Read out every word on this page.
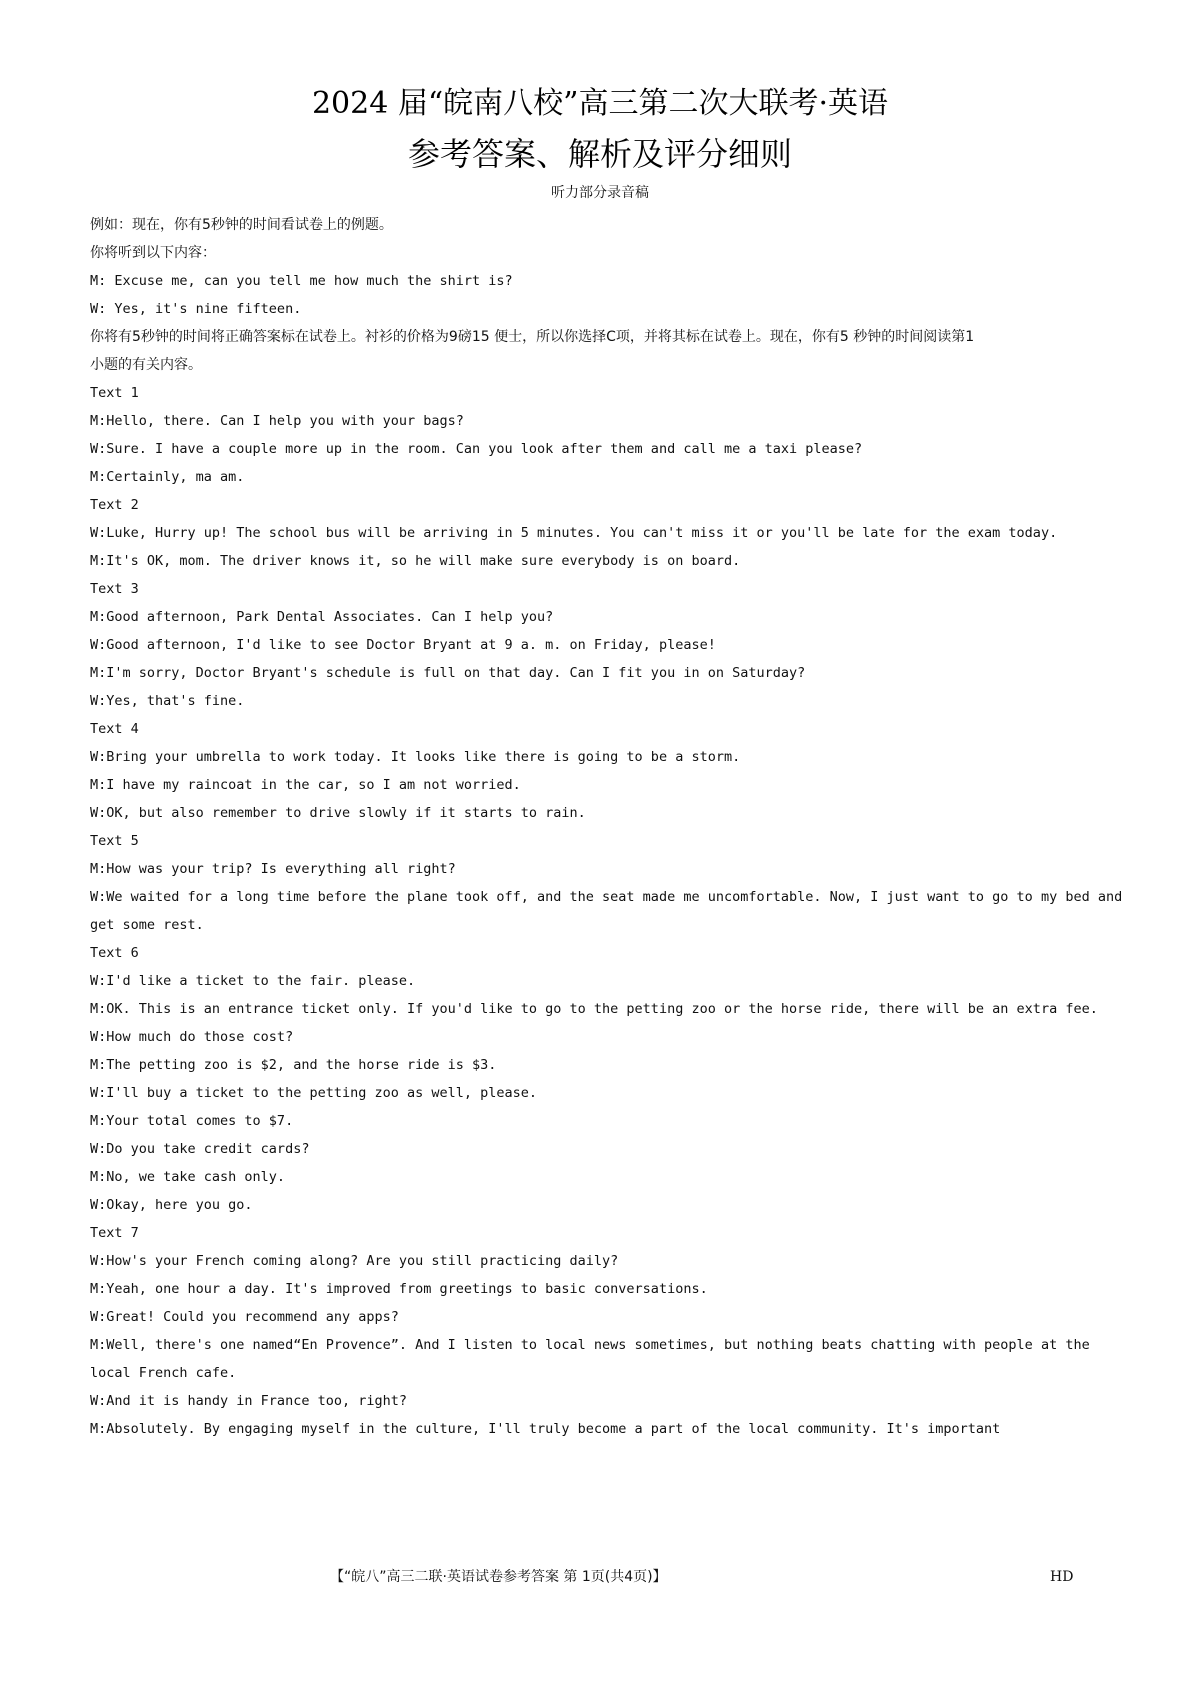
2024 届“皖南八校”高三第二次大联考·英语
参考答案、解析及评分细则
听力部分录音稿
例如：现在，你有5秒钟的时间看试卷上的例题。
你将听到以下内容：
M: Excuse me, can you tell me how much the shirt is?
W: Yes, it's nine fifteen.
你将有5秒钟的时间将正确答案标在试卷上。衬衫的价格为9磅15 便士，所以你选择C项，并将其标在试卷上。现在，你有5 秒钟的时间阅读第1
小题的有关内容。
Text 1
M:Hello, there. Can I help you with your bags?
W:Sure. I have a couple more up in the room. Can you look after them and call me a taxi please?
M:Certainly, ma am.
Text 2
W:Luke, Hurry up! The school bus will be arriving in 5 minutes. You can't miss it or you'll be late for the exam today.
M:It's OK, mom. The driver knows it, so he will make sure everybody is on board.
Text 3
M:Good afternoon, Park Dental Associates. Can I help you?
W:Good afternoon, I'd like to see Doctor Bryant at 9 a. m. on Friday, please!
M:I'm sorry, Doctor Bryant's schedule is full on that day. Can I fit you in on Saturday?
W:Yes, that's fine.
Text 4
W:Bring your umbrella to work today. It looks like there is going to be a storm.
M:I have my raincoat in the car, so I am not worried.
W:OK, but also remember to drive slowly if it starts to rain.
Text 5
M:How was your trip? Is everything all right?
W:We waited for a long time before the plane took off, and the seat made me uncomfortable. Now, I just want to go to my bed and
get some rest.
Text 6
W:I'd like a ticket to the fair. please.
M:OK. This is an entrance ticket only. If you'd like to go to the petting zoo or the horse ride, there will be an extra fee.
W:How much do those cost?
M:The petting zoo is $2, and the horse ride is $3.
W:I'll buy a ticket to the petting zoo as well, please.
M:Your total comes to $7.
W:Do you take credit cards?
M:No, we take cash only.
W:Okay, here you go.
Text 7
W:How's your French coming along? Are you still practicing daily?
M:Yeah, one hour a day. It's improved from greetings to basic conversations.
W:Great! Could you recommend any apps?
M:Well, there's one named“En Provence”. And I listen to local news sometimes, but nothing beats chatting with people at the
local French cafe.
W:And it is handy in France too, right?
M:Absolutely. By engaging myself in the culture, I'll truly become a part of the local community. It's important
【“皖八”高三二联·英语试卷参考答案 第 1页(共4页)】	HD
